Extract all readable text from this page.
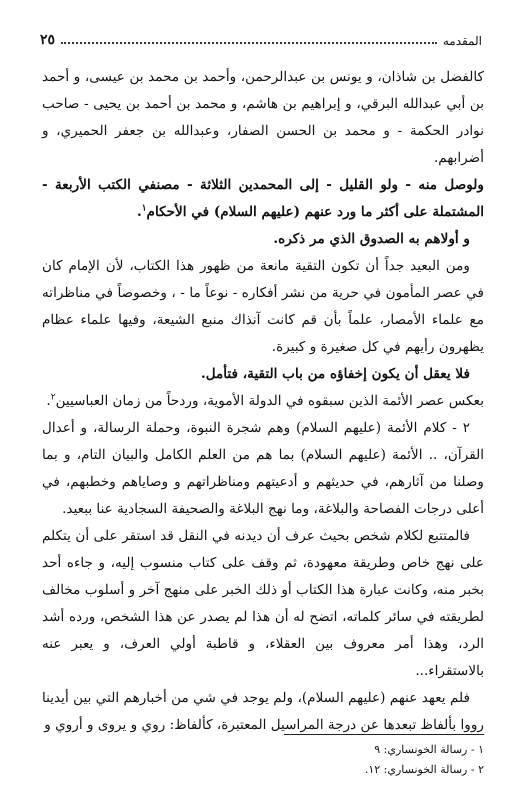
المقدمه
٢٥

كالفضل بن شاذان، و يونس بن عبدالرحمن، وأحمد بن محمد بن عيسى، و أحمد بن أبي عبدالله البرقي، و إبراهيم بن هاشم، و محمد بن أحمد بن يحيى - صاحب نوادر الحكمة - و محمد بن الحسن الصفار، وعبدالله بن جعفر الحميري، و أضرابهم.

ولوصل منه - ولو القليل - إلى المحمدين الثلاثة - مصنفي الكتب الأربعة - المشتملة على أكثر ما ورد عنهم (عليهم السلام) في الأحكام$^١$.

و أولاهم به الصدوق الذي مر ذكره.

ومن البعيد جداً أن تكون التقية مانعة من ظهور هذا الكتاب، لأن الإمام كان في عصر المأمون في حرية من نشر أفكاره - نوعاً ما - ، وخصوصاً في مناظراته مع علماء الأمصار، علماً بأن قم كانت آنذاك منبع الشيعة، وفيها علماء عظام يظهرون رأيهم في كل صغيرة و كبيرة.

فلا يعقل أن يكون إخفاؤه من باب التقية، فتأمل.

بعكس عصر الأئمة الذين سبقوه في الدولة الأموية، وردحاً من زمان العباسيين$^٢$.

٢ - كلام الأئمة (عليهم السلام) وهم شجرة النبوة، وحملة الرسالة، و أعدال القرآن، .. الأئمة (عليهم السلام) بما هم من العلم الكامل والبيان التام، و بما وصلنا من آثارهم، في حديثهم و أدعيتهم ومناظراتهم و وصاياهم وخطبهم، في أعلى درجات الفصاحة والبلاغة، وما نهج البلاغة والصحيفة السجادية عنا ببعيد.

فالمتتبع لكلام شخص بحيث عرف أن ديدنه في النقل قد استقر على أن يتكلم على نهج خاص وطريقة معهودة، ثم وقف على كتاب منسوب إليه، و جاءه أحد بخبر منه، وكانت عبارة هذا الكتاب أو ذلك الخبر على منهج آخر و أسلوب مخالف لطريقته في سائر كلماته، اتضح له أن هذا لم يصدر عن هذا الشخص، ورده أشد الرد، وهذا أمر معروف بين العقلاء، و قاطبة أولي العرف، و يعبر عنه بالاستقراء...

فلم يعهد عنهم (عليهم السلام)، ولم يوجد في شي من أخبارهم التي بين أيدينا رووا بألفاظ تبعدها عن درجة المراسيل المعتبرة، كألفاظ: روي و يروى و أروي و

١ - رسالة الخونساري: ٩
٢ - رسالة الخونساري: ١٢.
